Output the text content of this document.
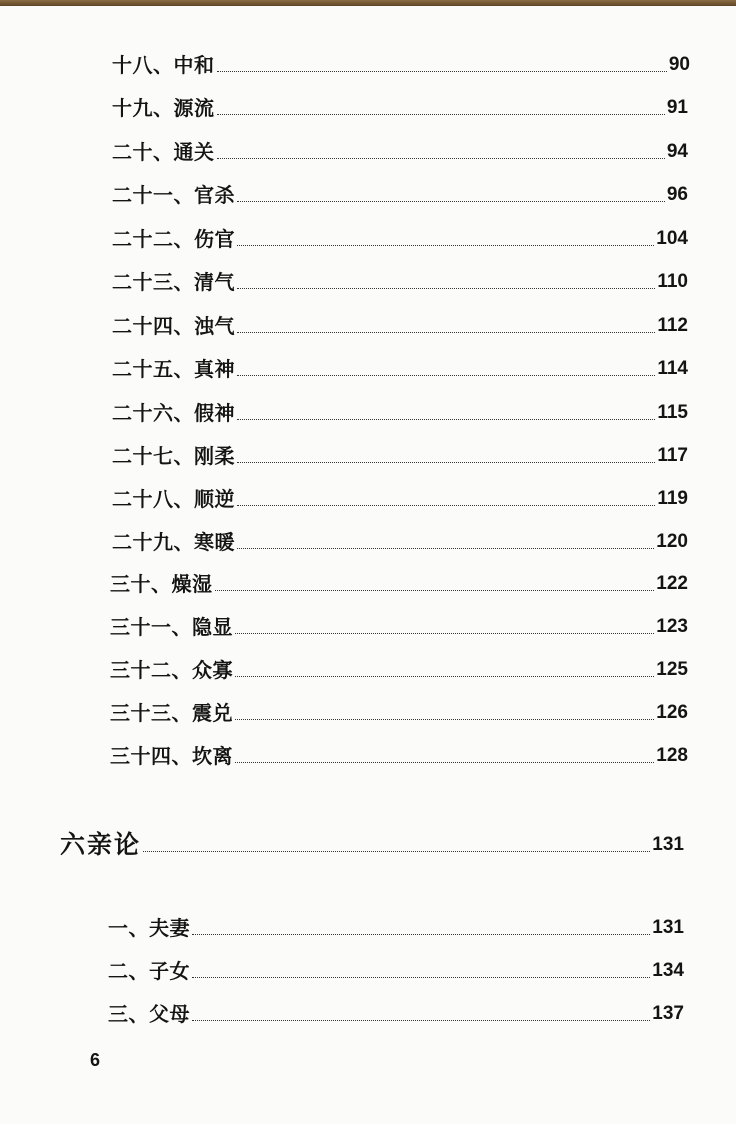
十八、中和	90
十九、源流	91
二十、通关	94
二十一、官杀	96
二十二、伤官	104
二十三、清气	110
二十四、浊气	112
二十五、真神	114
二十六、假神	115
二十七、刚柔	117
二十八、顺逆	119
二十九、寒暖	120
三十、燥湿	122
三十一、隐显	123
三十二、众寡	125
三十三、震兑	126
三十四、坎离	128
六亲论	131
一、夫妻	131
二、子女	134
三、父母	137
6
